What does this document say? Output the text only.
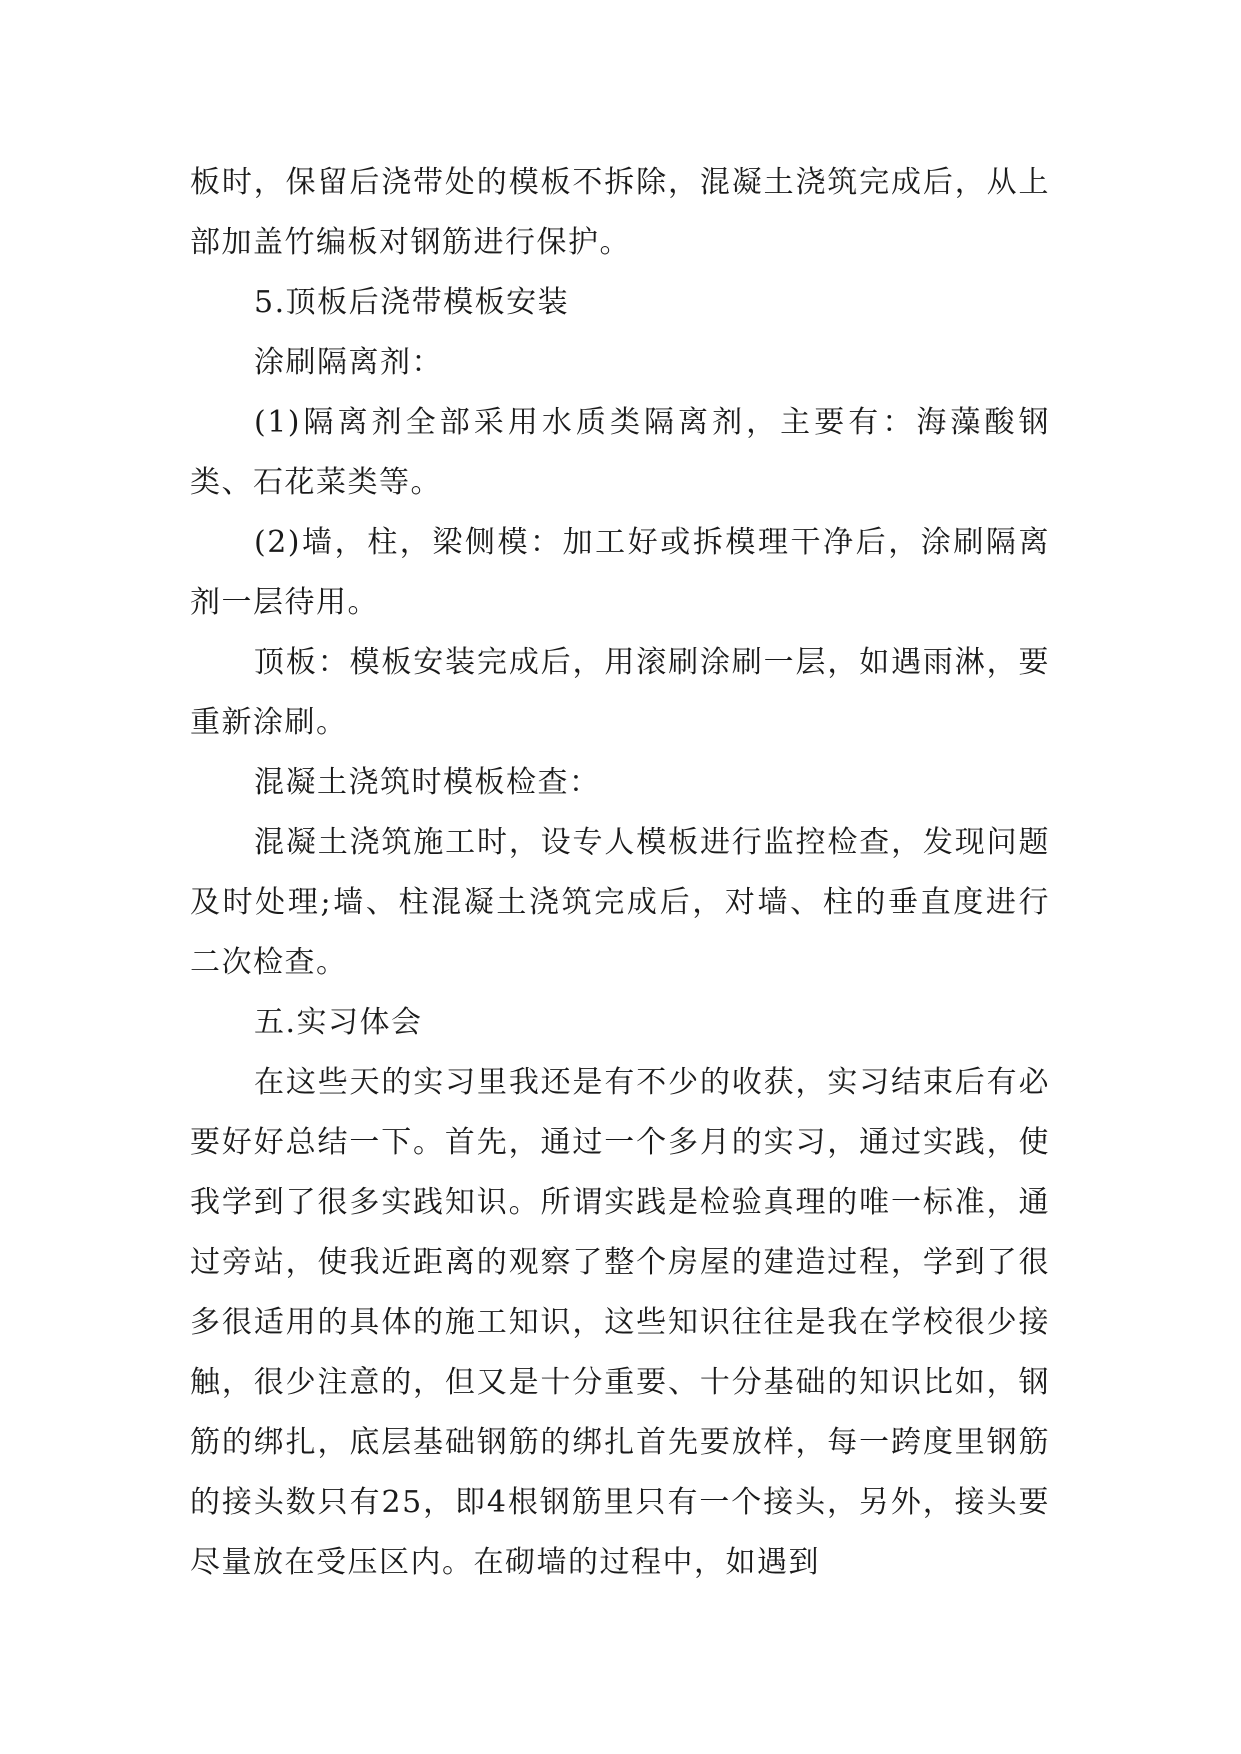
板时，保留后浇带处的模板不拆除，混凝土浇筑完成后，从上部加盖竹编板对钢筋进行保护。

5.顶板后浇带模板安装

涂刷隔离剂：

(1)隔离剂全部采用水质类隔离剂，主要有：海藻酸钢类、石花菜类等。

(2)墙，柱，梁侧模：加工好或拆模理干净后，涂刷隔离剂一层待用。

顶板：模板安装完成后，用滚刷涂刷一层，如遇雨淋，要重新涂刷。

混凝土浇筑时模板检查：

混凝土浇筑施工时，设专人模板进行监控检查，发现问题及时处理;墙、柱混凝土浇筑完成后，对墙、柱的垂直度进行二次检查。

五.实习体会

在这些天的实习里我还是有不少的收获，实习结束后有必要好好总结一下。首先，通过一个多月的实习，通过实践，使我学到了很多实践知识。所谓实践是检验真理的唯一标准，通过旁站，使我近距离的观察了整个房屋的建造过程，学到了很多很适用的具体的施工知识，这些知识往往是我在学校很少接触，很少注意的，但又是十分重要、十分基础的知识比如，钢筋的绑扎，底层基础钢筋的绑扎首先要放样，每一跨度里钢筋的接头数只有25，即4根钢筋里只有一个接头，另外，接头要尽量放在受压区内。在砌墙的过程中，如遇到
